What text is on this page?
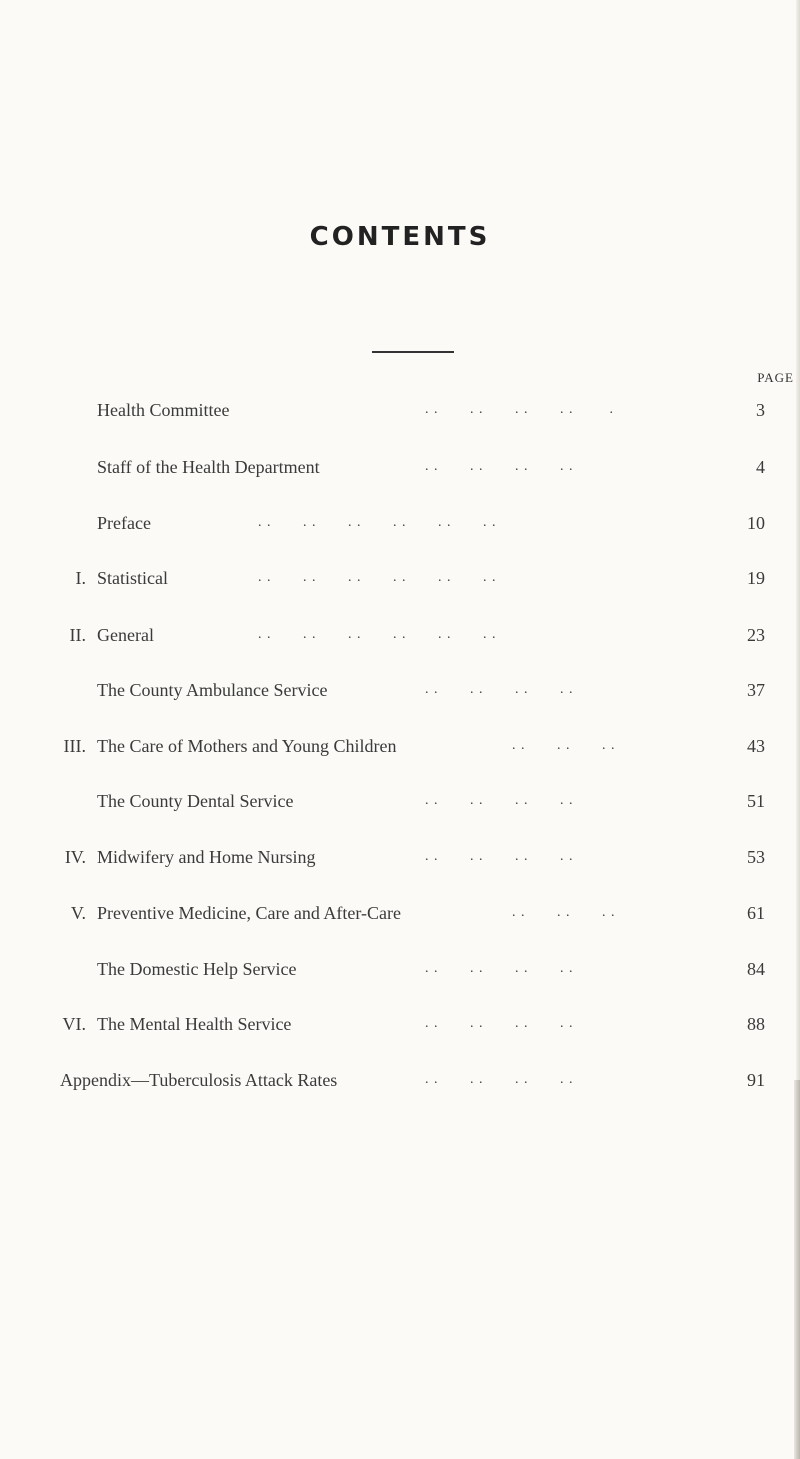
CONTENTS
PAGE
Health Committee	. .       . .       . .       . .        .	3
Staff of the Health Department	. .       . .       . .       . .	4
Preface	. .       . .       . .       . .       . .       . .	10
I. Statistical	. .       . .       . .       . .       . .       . .	19
II. General	. .       . .       . .       . .       . .       . .	23
The County Ambulance Service	. .       . .       . .       . .	37
III. The Care of Mothers and Young Children	. .       . .       . .	43
The County Dental Service	. .       . .       . .       . .	51
IV. Midwifery and Home Nursing	. .       . .       . .       . .	53
V. Preventive Medicine, Care and After-Care	. .       . .       . .	61
The Domestic Help Service	. .       . .       . .       . .	84
VI. The Mental Health Service	. .       . .       . .       . .	88
Appendix—Tuberculosis Attack Rates	. .       . .       . .       . .	91
